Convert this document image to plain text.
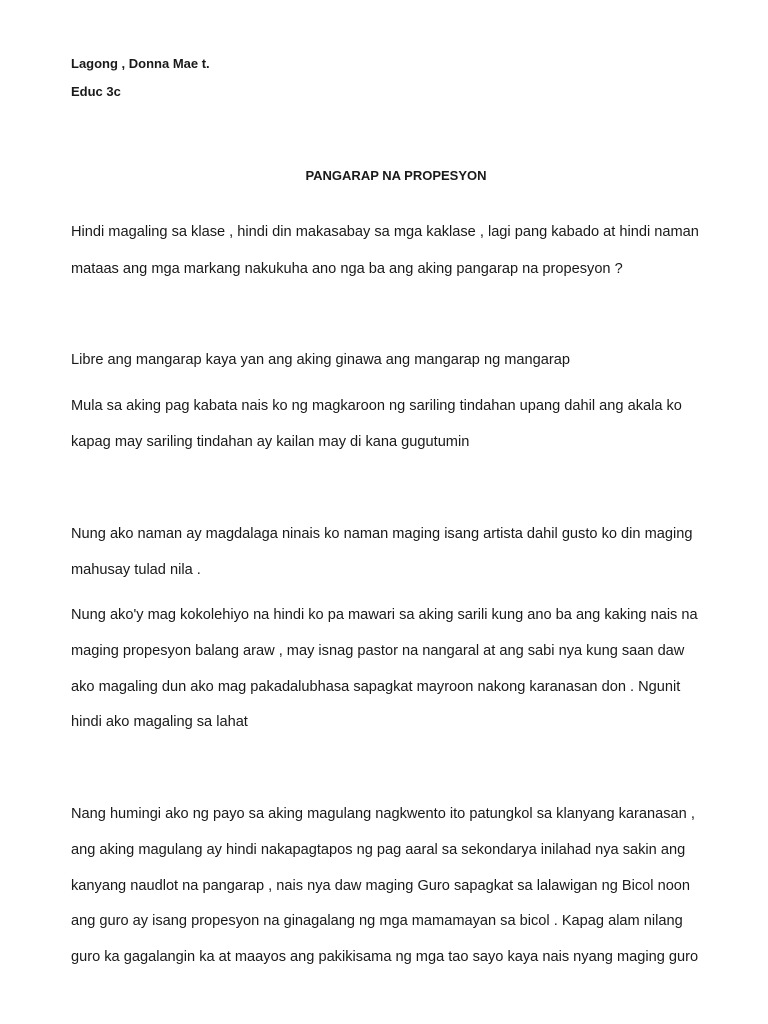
Lagong , Donna Mae t.
Educ 3c
PANGARAP NA PROPESYON
Hindi magaling sa klase , hindi din makasabay sa mga kaklase , lagi pang kabado at hindi naman
mataas ang mga markang nakukuha ano nga ba ang aking pangarap na propesyon ?
Libre ang mangarap kaya yan ang aking ginawa ang mangarap ng mangarap
Mula sa aking pag kabata nais ko ng magkaroon ng sariling tindahan upang dahil ang akala ko
kapag may sariling tindahan ay kailan may di kana gugutumin
Nung ako naman ay magdalaga ninais ko naman maging isang artista dahil gusto ko din maging
mahusay tulad nila .
Nung ako'y mag kokolehiyo na hindi ko pa mawari sa aking sarili kung ano ba ang kaking nais na
maging propesyon balang araw , may isnag pastor na nangaral at ang sabi nya kung saan daw
ako magaling dun ako mag pakadalubhasa sapagkat mayroon nakong karanasan don . Ngunit
hindi ako magaling sa lahat
Nang humingi ako ng payo sa aking magulang nagkwento ito patungkol sa klanyang karanasan ,
ang aking magulang ay hindi nakapagtapos ng pag aaral sa sekondarya inilahad nya sakin ang
kanyang naudlot na pangarap , nais nya daw maging Guro sapagkat sa lalawigan ng Bicol noon
ang guro ay isang propesyon na ginagalang ng mga mamamayan sa bicol . Kapag alam nilang
guro ka gagalangin ka at maayos ang pakikisama ng mga tao sayo kaya nais nyang maging guro
